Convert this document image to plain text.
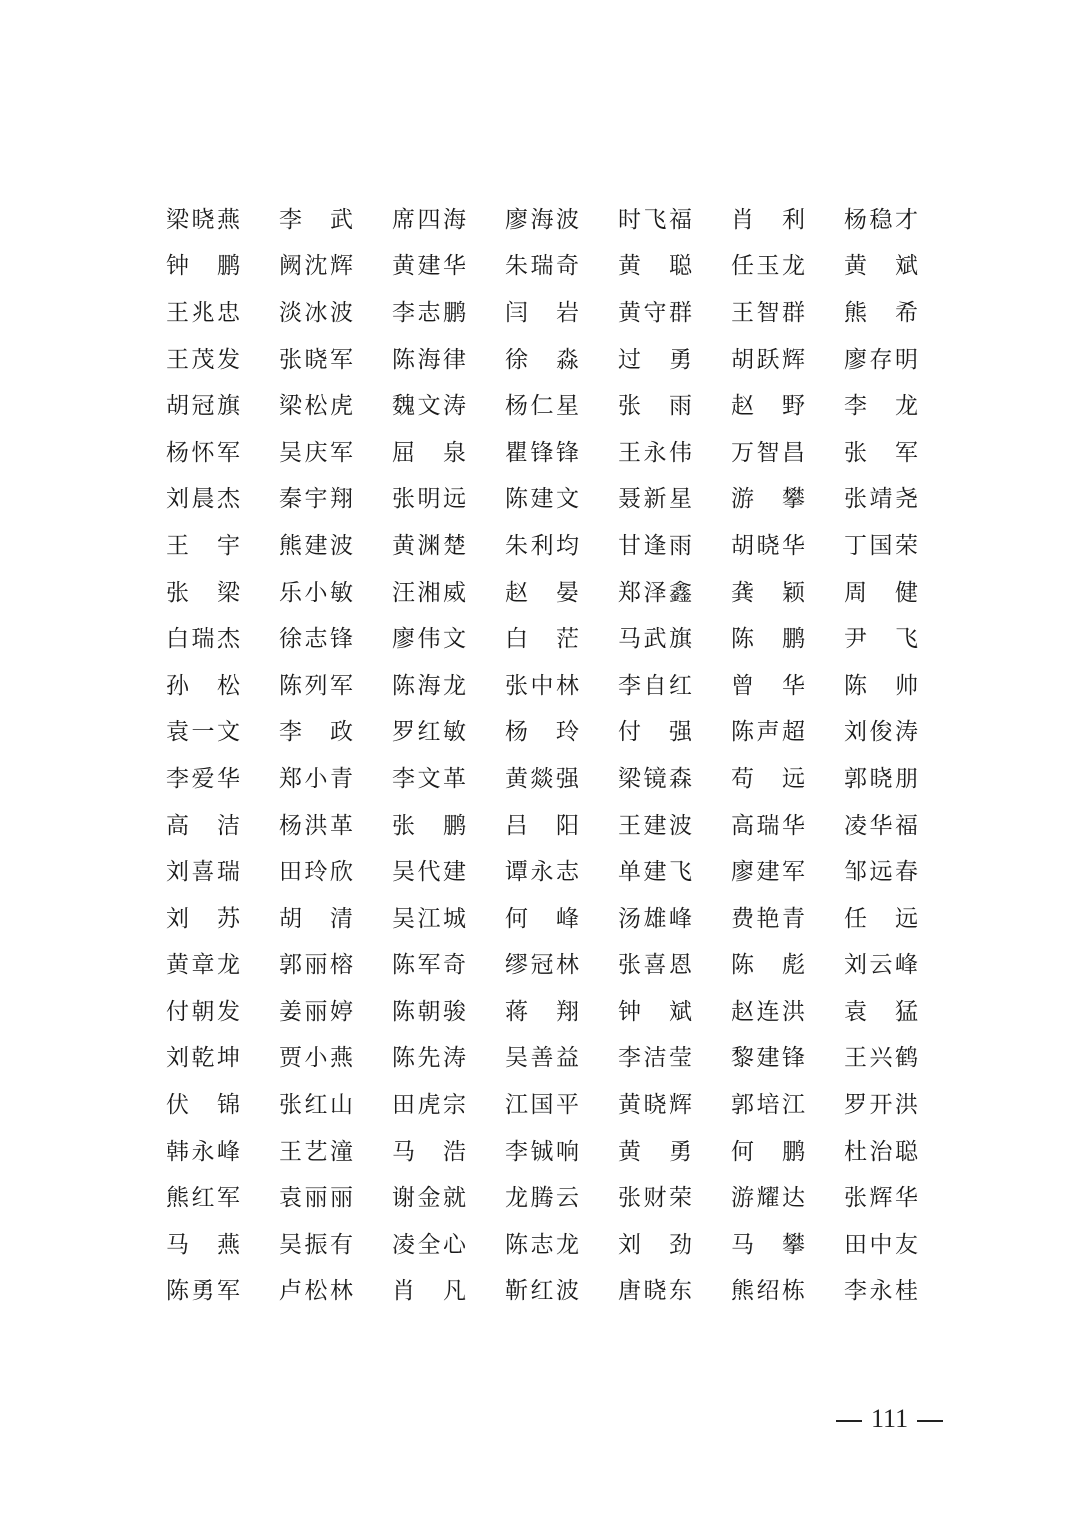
梁 晓 燕 李 武 席 四 海 廖 海 波 时 飞 福 肖 利 杨 稳 才
钟 鹏 阙 沈 辉 黄 建 华 朱 瑞 奇 黄 聪 任 玉 龙 黄 斌
王 兆 忠 淡 冰 波 李 志 鹏 闫 岩 黄 守 群 王 智 群 熊 希
王 茂 发 张 晓 军 陈 海 律 徐 淼 过 勇 胡 跃 辉 廖 存 明
胡 冠 旗 梁 松 虎 魏 文 涛 杨 仁 星 张 雨 赵 野 李 龙
杨 怀 军 吴 庆 军 屈 泉 瞿 锋 锋 王 永 伟 万 智 昌 张 军
刘 晨 杰 秦 宇 翔 张 明 远 陈 建 文 聂 新 星 游 攀 张 靖 尧
王 宇 熊 建 波 黄 渊 楚 朱 利 均 甘 逢 雨 胡 晓 华 丁 国 荣
张 梁 乐 小 敏 汪 湘 威 赵 晏 郑 泽 鑫 龚 颖 周 健
白 瑞 杰 徐 志 锋 廖 伟 文 白 茫 马 武 旗 陈 鹏 尹 飞
孙 松 陈 列 军 陈 海 龙 张 中 林 李 自 红 曾 华 陈 帅
袁 一 文 李 政 罗 红 敏 杨 玲 付 强 陈 声 超 刘 俊 涛
李 爱 华 郑 小 青 李 文 革 黄 燚 强 梁 镜 森 苟 远 郭 晓 朋
高 洁 杨 洪 革 张 鹏 吕 阳 王 建 波 高 瑞 华 凌 华 福
刘 喜 瑞 田 玲 欣 吴 代 建 谭 永 志 单 建 飞 廖 建 军 邹 远 春
刘 苏 胡 清 吴 江 城 何 峰 汤 雄 峰 费 艳 青 任 远
黄 章 龙 郭 丽 榕 陈 军 奇 缪 冠 林 张 喜 恩 陈 彪 刘 云 峰
付 朝 发 姜 丽 婷 陈 朝 骏 蒋 翔 钟 斌 赵 连 洪 袁 猛
刘 乾 坤 贾 小 燕 陈 先 涛 吴 善 益 李 洁 莹 黎 建 锋 王 兴 鹤
伏 锦 张 红 山 田 虎 宗 江 国 平 黄 晓 辉 郭 培 江 罗 开 洪
韩 永 峰 王 艺 潼 马 浩 李 铖 响 黄 勇 何 鹏 杜 治 聪
熊 红 军 袁 丽 丽 谢 金 就 龙 腾 云 张 财 荣 游 耀 达 张 辉 华
马 燕 吴 振 有 凌 全 心 陈 志 龙 刘 劲 马 攀 田 中 友
陈 勇 军 卢 松 林 肖 凡 靳 红 波 唐 晓 东 熊 绍 栋 李 永 桂
111
